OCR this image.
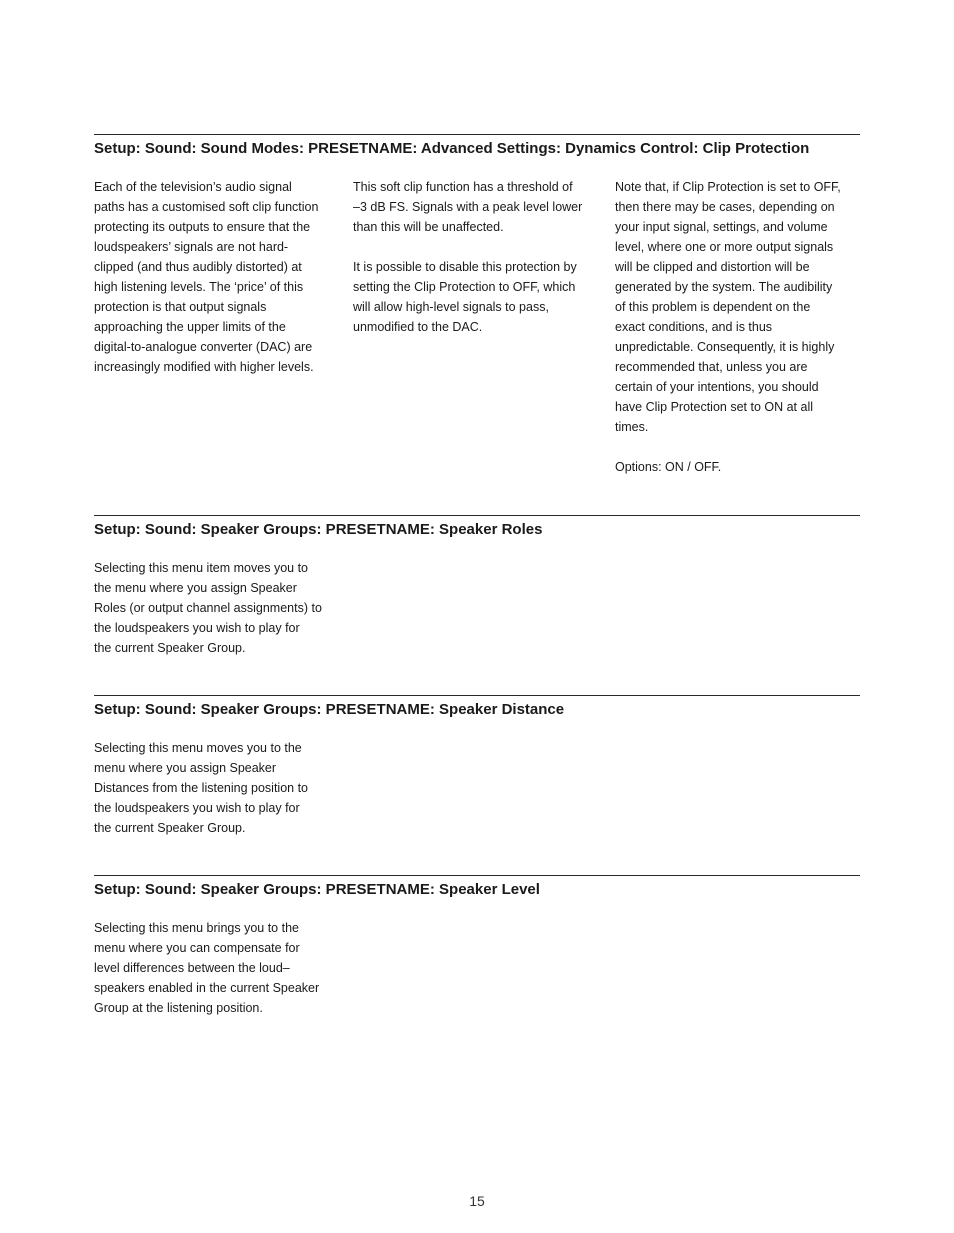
Setup: Sound: Sound Modes: PRESETNAME: Advanced Settings: Dynamics Control: Clip Protection

Each of the television’s audio signal
paths has a customised soft clip function
protecting its outputs to ensure that the
loudspeakers’ signals are not hard-
clipped (and thus audibly distorted) at
high listening levels. The ‘price’ of this
protection is that output signals
approaching the upper limits of the
digital-to-analogue converter (DAC) are
increasingly modified with higher levels.

This soft clip function has a threshold of
–3 dB FS. Signals with a peak level lower
than this will be unaffected.

It is possible to disable this protection by
setting the Clip Protection to OFF, which
will allow high-level signals to pass,
unmodified to the DAC.

Note that, if Clip Protection is set to OFF,
then there may be cases, depending on
your input signal, settings, and volume
level, where one or more output signals
will be clipped and distortion will be
generated by the system. The audibility
of this problem is dependent on the
exact conditions, and is thus
unpredictable. Consequently, it is highly
recommended that, unless you are
certain of your intentions, you should
have Clip Protection set to ON at all
times.

Options: ON / OFF.

Setup: Sound: Speaker Groups: PRESETNAME: Speaker Roles

Selecting this menu item moves you to
the menu where you assign Speaker
Roles (or output channel assignments) to
the loudspeakers you wish to play for
the current Speaker Group.

Setup: Sound: Speaker Groups: PRESETNAME: Speaker Distance

Selecting this menu moves you to the
menu where you assign Speaker
Distances from the listening position to
the loudspeakers you wish to play for
the current Speaker Group.

Setup: Sound: Speaker Groups: PRESETNAME: Speaker Level

Selecting this menu brings you to the
menu where you can compensate for
level differences between the loud–
speakers enabled in the current Speaker
Group at the listening position.

15
